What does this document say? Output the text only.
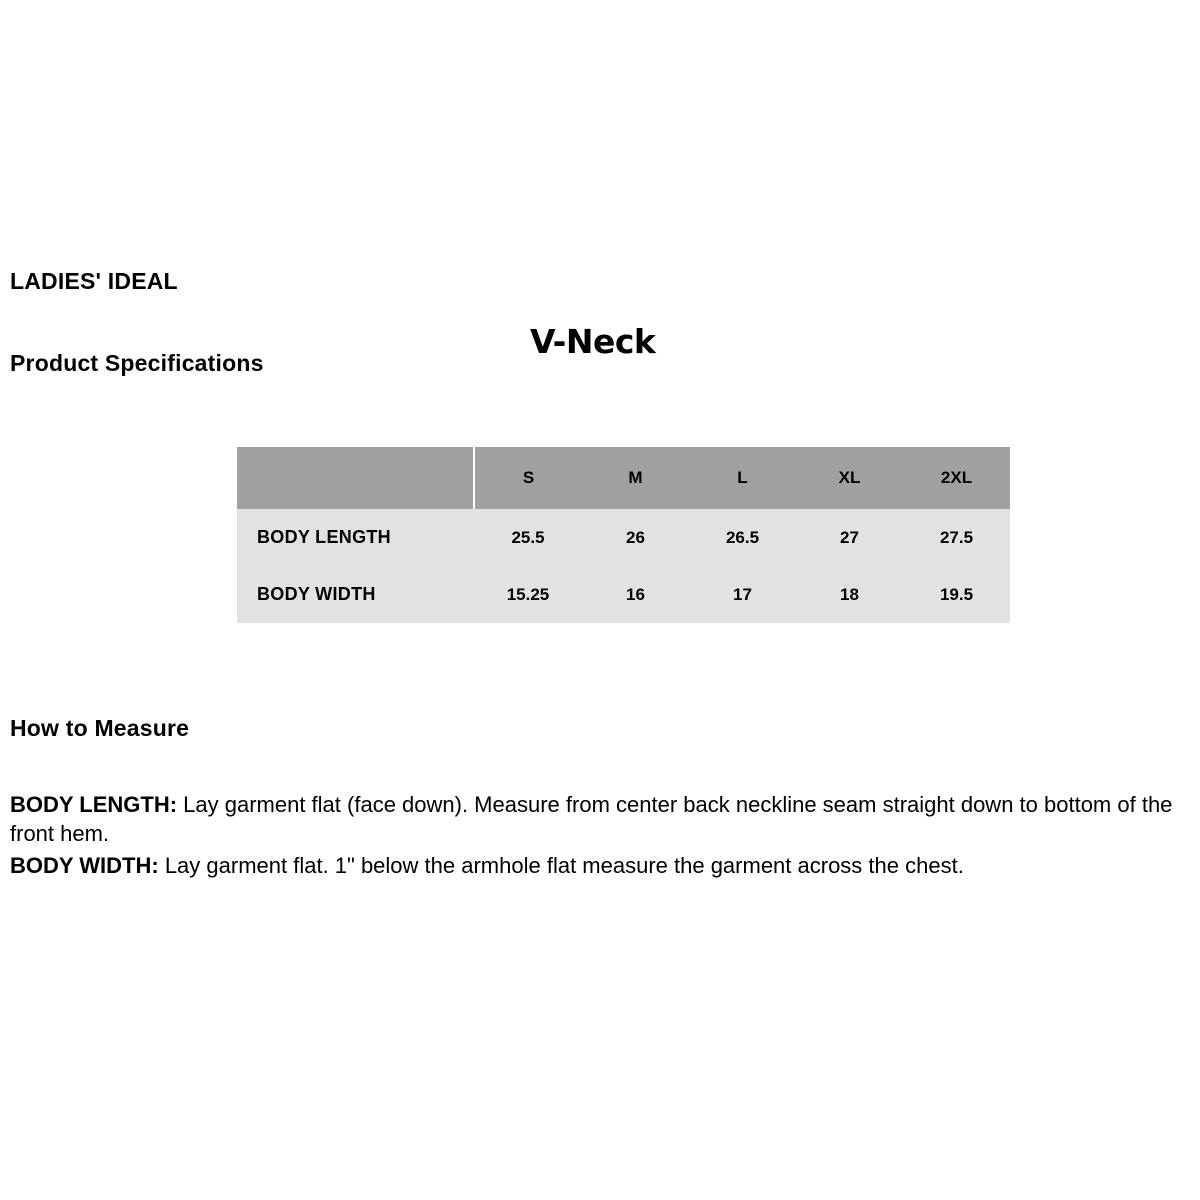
LADIES' IDEAL
Product Specifications
V-Neck
	S	M	L	XL	2XL
BODY LENGTH	25.5	26	26.5	27	27.5
BODY WIDTH	15.25	16	17	18	19.5
How to Measure

BODY LENGTH: Lay garment flat (face down). Measure from center back neckline seam straight down to bottom of the front hem.

BODY WIDTH: Lay garment flat. 1" below the armhole flat measure the garment across the chest.
